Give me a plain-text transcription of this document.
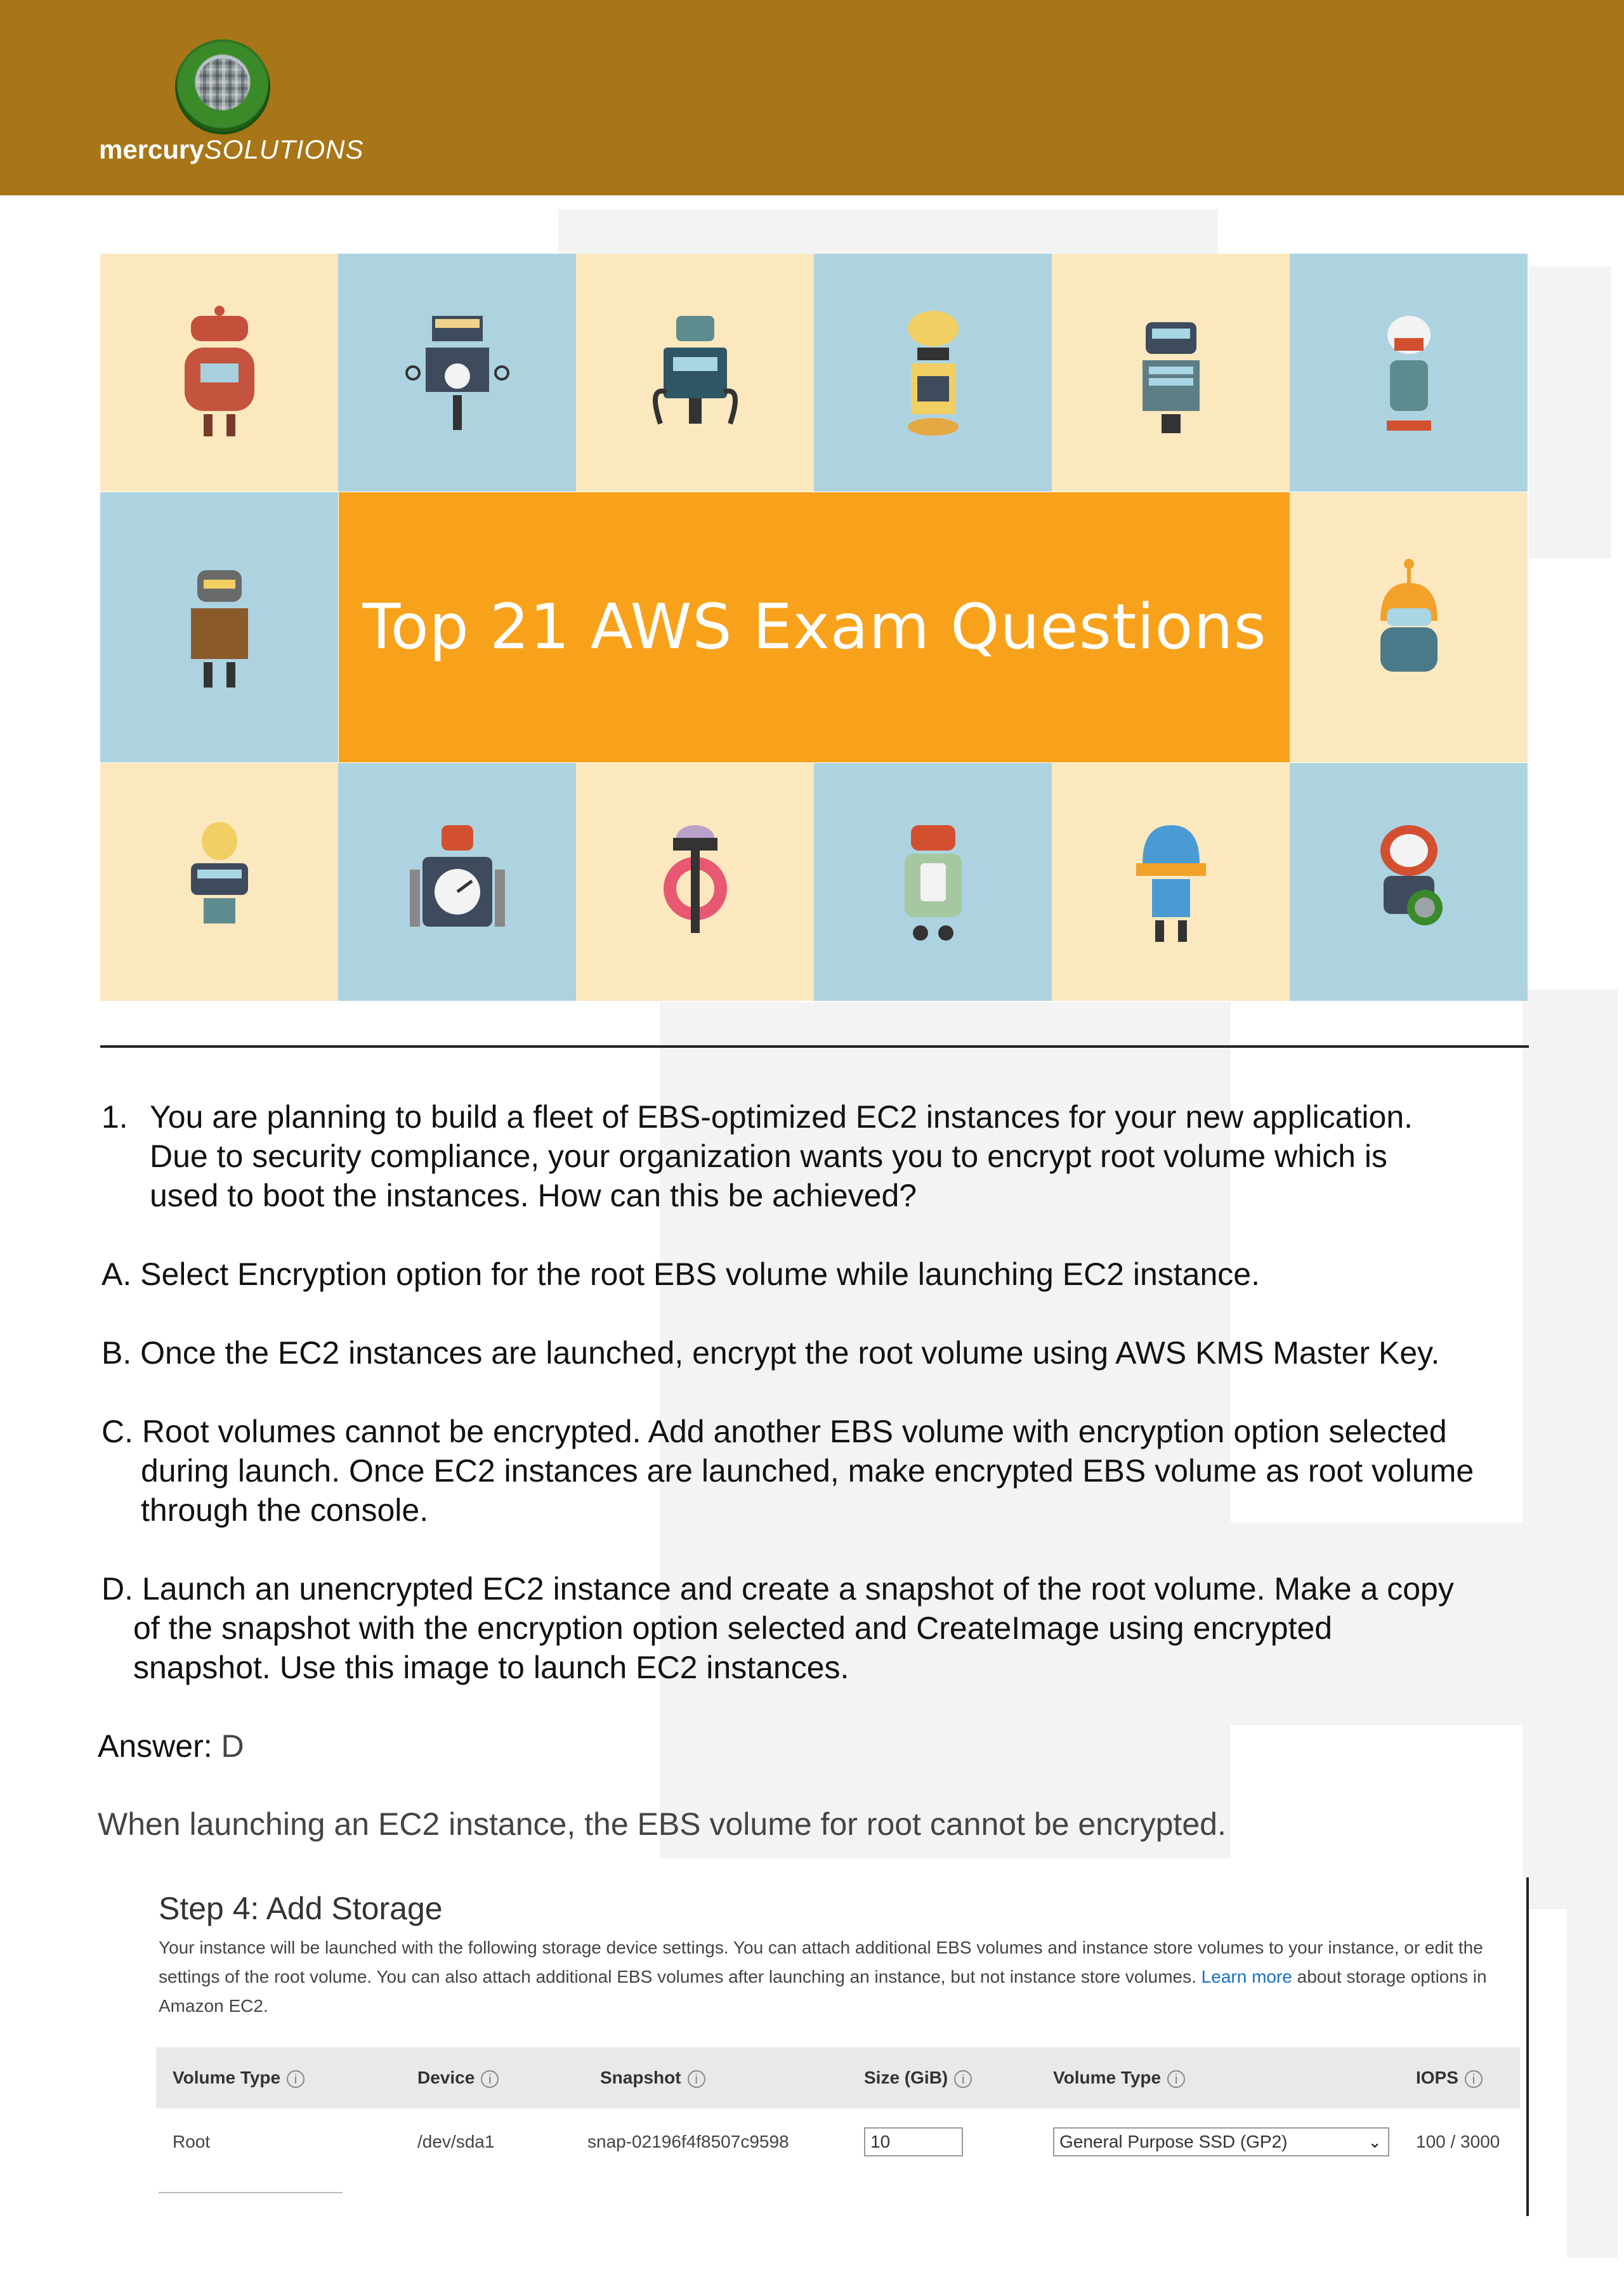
mercurySOLUTIONS
Top 21 AWS Exam Questions
1. You are planning to build a fleet of EBS-optimized EC2 instances for your new application.
Due to security compliance, your organization wants you to encrypt root volume which is
used to boot the instances. How can this be achieved?
A. Select Encryption option for the root EBS volume while launching EC2 instance.
B. Once the EC2 instances are launched, encrypt the root volume using AWS KMS Master Key.
C. Root volumes cannot be encrypted. Add another EBS volume with encryption option selected
during launch. Once EC2 instances are launched, make encrypted EBS volume as root volume
through the console.
D. Launch an unencrypted EC2 instance and create a snapshot of the root volume. Make a copy
of the snapshot with the encryption option selected and CreateImage using encrypted
snapshot. Use this image to launch EC2 instances.
Answer: D
When launching an EC2 instance, the EBS volume for root cannot be encrypted.
Step 4: Add Storage
Your instance will be launched with the following storage device settings. You can attach additional EBS volumes and instance store volumes to your instance, or edit the settings of the root volume. You can also attach additional EBS volumes after launching an instance, but not instance store volumes. Learn more about storage options in Amazon EC2.
Volume Type i	Device i	Snapshot i	Size (GiB) i	Volume Type i	IOPS i
Root	/dev/sda1	snap-02196f4f8507c9598	10	General Purpose SSD (GP2)	⌄ 100 / 3000
